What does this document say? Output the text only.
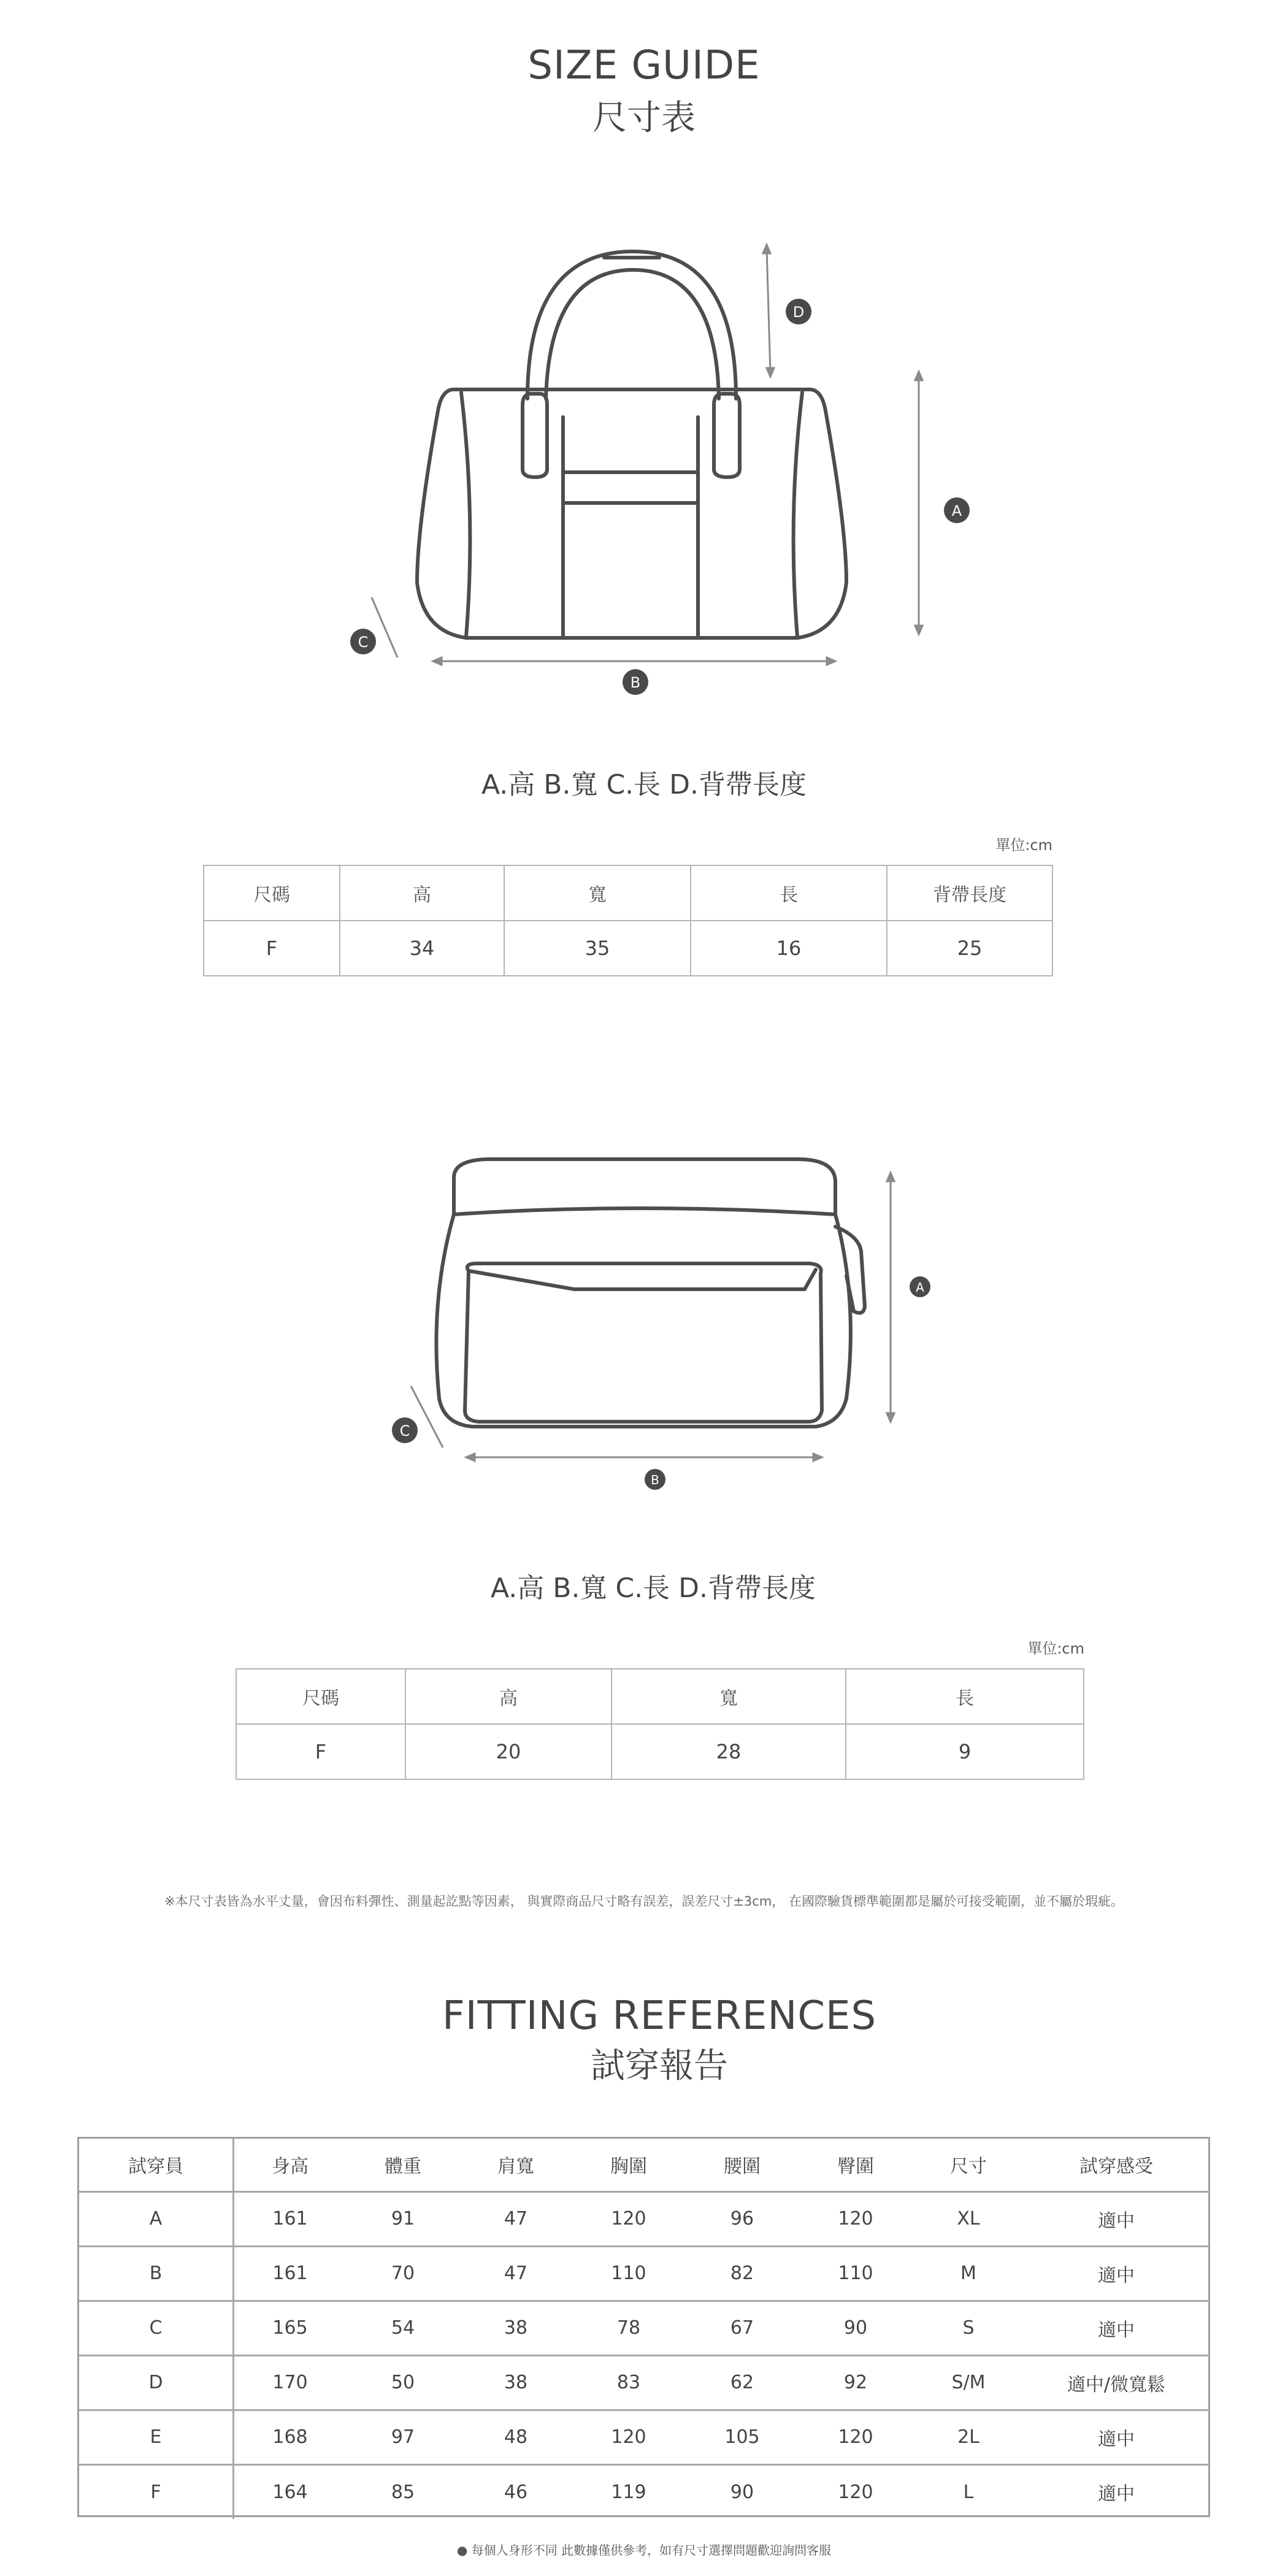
SIZE GUIDE
尺寸表
A
D
B
C
A.高 B.寬 C.長 D.背帶長度
單位:cm
尺碼	高	寬	長	背帶長度
F	34	35	16	25
A
B
C
A.高 B.寬 C.長 D.背帶長度
單位:cm
尺碼	高	寬	長
F	20	28	9
※本尺寸表皆為水平丈量，會因布料彈性、測量起訖點等因素， 與實際商品尺寸略有誤差，誤差尺寸±3cm， 在國際驗貨標準範圍都是屬於可接受範圍，並不屬於瑕疵。
FITTING REFERENCES
試穿報告
試穿員	身高	體重	肩寬	胸圍	腰圍	臀圍	尺寸	試穿感受
A	161	91	47	120	96	120	XL	適中
B	161	70	47	110	82	110	M	適中
C	165	54	38	78	67	90	S	適中
D	170	50	38	83	62	92	S/M	適中/微寬鬆
E	168	97	48	120	105	120	2L	適中
F	164	85	46	119	90	120	L	適中
● 每個人身形不同 此數據僅供參考，如有尺寸選擇問題歡迎詢問客服
